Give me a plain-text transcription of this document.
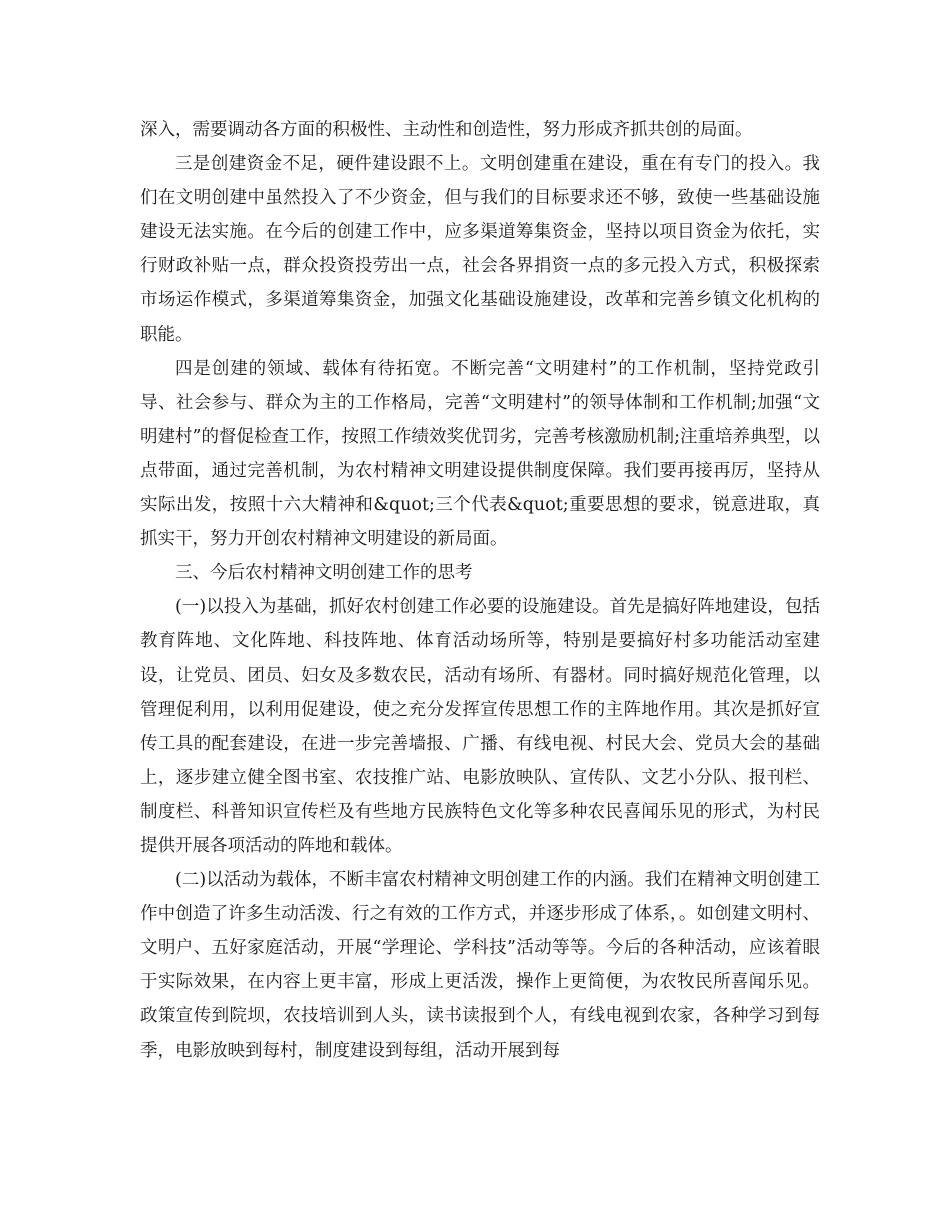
深入，需要调动各方面的积极性、主动性和创造性，努力形成齐抓共创的局面。

三是创建资金不足，硬件建设跟不上。文明创建重在建设，重在有专门的投入。我们在文明创建中虽然投入了不少资金，但与我们的目标要求还不够，致使一些基础设施建设无法实施。在今后的创建工作中，应多渠道筹集资金，坚持以项目资金为依托，实行财政补贴一点，群众投资投劳出一点，社会各界捐资一点的多元投入方式，积极探索市场运作模式，多渠道筹集资金，加强文化基础设施建设，改革和完善乡镇文化机构的职能。

四是创建的领域、载体有待拓宽。不断完善“文明建村”的工作机制，坚持党政引导、社会参与、群众为主的工作格局，完善“文明建村”的领导体制和工作机制;加强“文明建村”的督促检查工作，按照工作绩效奖优罚劣，完善考核激励机制;注重培养典型，以点带面，通过完善机制，为农村精神文明建设提供制度保障。我们要再接再厉，坚持从实际出发，按照十六大精神和&quot;三个代表&quot;重要思想的要求，锐意进取，真抓实干，努力开创农村精神文明建设的新局面。

三、今后农村精神文明创建工作的思考

(一)以投入为基础，抓好农村创建工作必要的设施建设。首先是搞好阵地建设，包括教育阵地、文化阵地、科技阵地、体育活动场所等，特别是要搞好村多功能活动室建设，让党员、团员、妇女及多数农民，活动有场所、有器材。同时搞好规范化管理，以管理促利用，以利用促建设，使之充分发挥宣传思想工作的主阵地作用。其次是抓好宣传工具的配套建设，在进一步完善墙报、广播、有线电视、村民大会、党员大会的基础上，逐步建立健全图书室、农技推广站、电影放映队、宣传队、文艺小分队、报刊栏、制度栏、科普知识宣传栏及有些地方民族特色文化等多种农民喜闻乐见的形式，为村民提供开展各项活动的阵地和载体。

(二)以活动为载体，不断丰富农村精神文明创建工作的内涵。我们在精神文明创建工作中创造了许多生动活泼、行之有效的工作方式，并逐步形成了体系，。如创建文明村、文明户、五好家庭活动，开展“学理论、学科技”活动等等。今后的各种活动，应该着眼于实际效果，在内容上更丰富，形成上更活泼，操作上更简便，为农牧民所喜闻乐见。政策宣传到院坝，农技培训到人头，读书读报到个人，有线电视到农家，各种学习到每季，电影放映到每村，制度建设到每组，活动开展到每
